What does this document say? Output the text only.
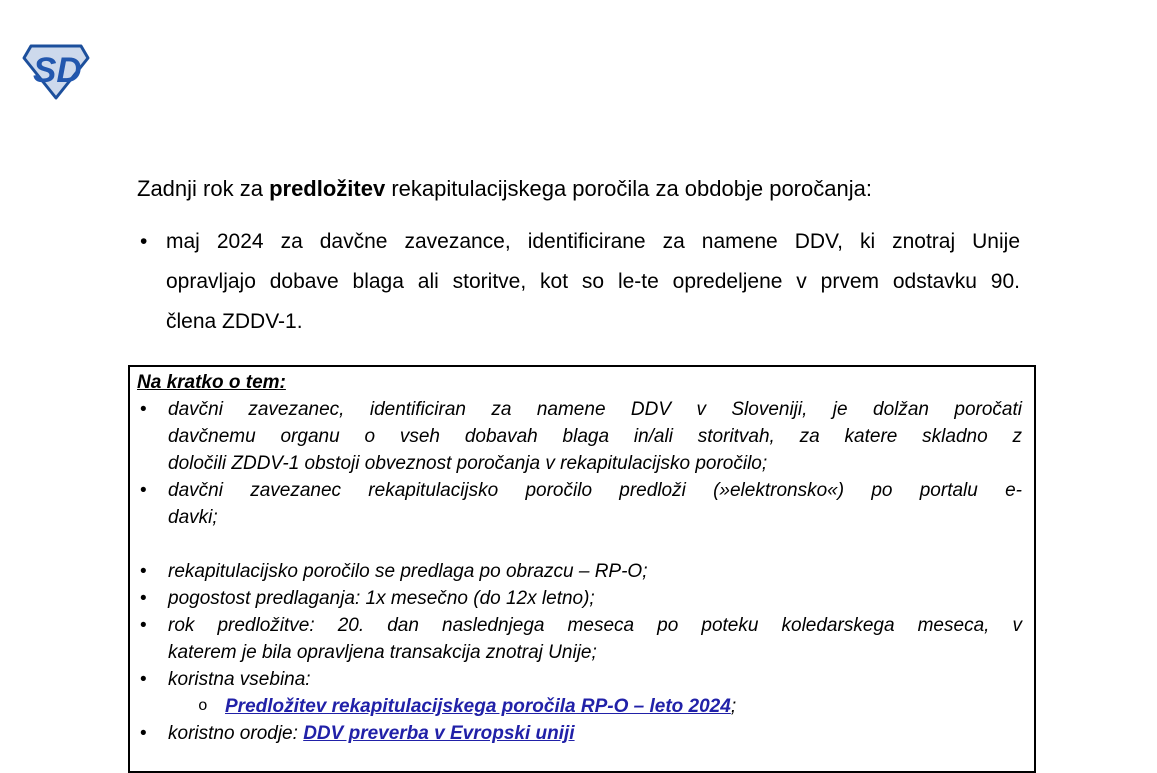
SD
Zadnji rok za predložitev rekapitulacijskega poročila za obdobje poročanja:
• maj 2024 za davčne zavezance, identificirane za namene DDV, ki znotraj Unije
opravljajo dobave blaga ali storitve, kot so le-te opredeljene v prvem odstavku 90.
člena ZDDV-1.
Na kratko o tem:
• davčni zavezanec, identificiran za namene DDV v Sloveniji, je dolžan poročati
davčnemu organu o vseh dobavah blaga in/ali storitvah, za katere skladno z
določili ZDDV-1 obstoji obveznost poročanja v rekapitulacijsko poročilo;
• davčni zavezanec rekapitulacijsko poročilo predloži (»elektronsko«) po portalu e-
davki;
• rekapitulacijsko poročilo se predlaga po obrazcu – RP-O;
• pogostost predlaganja: 1x mesečno (do 12x letno);
• rok predložitve: 20. dan naslednjega meseca po poteku koledarskega meseca, v
katerem je bila opravljena transakcija znotraj Unije;
• koristna vsebina:
o Predložitev rekapitulacijskega poročila RP-O – leto 2024;
• koristno orodje: DDV preverba v Evropski uniji
